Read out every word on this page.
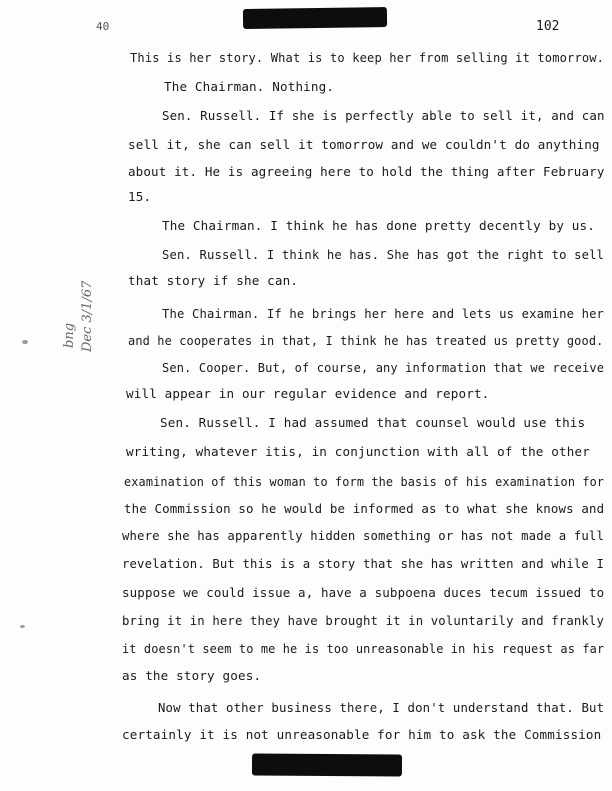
40	102
bng Dec 3/1/67
This is her story. What is to keep her from selling it tomorrow.
The Chairman. Nothing.
Sen. Russell. If she is perfectly able to sell it, and can
sell it, she can sell it tomorrow and we couldn't do anything
about it. He is agreeing here to hold the thing after February
15.
The Chairman. I think he has done pretty decently by us.
Sen. Russell. I think he has. She has got the right to sell
that story if she can.
The Chairman. If he brings her here and lets us examine her
and he cooperates in that, I think he has treated us pretty good.
Sen. Cooper. But, of course, any information that we receive
will appear in our regular evidence and report.
Sen. Russell. I had assumed that counsel would use this
writing, whatever itis, in conjunction with all of the other
examination of this woman to form the basis of his examination for
the Commission so he would be informed as to what she knows and
where she has apparently hidden something or has not made a full
revelation. But this is a story that she has written and while I
suppose we could issue a, have a subpoena duces tecum issued to
bring it in here they have brought it in voluntarily and frankly
it doesn't seem to me he is too unreasonable in his request as far
as the story goes.
Now that other business there, I don't understand that. But
certainly it is not unreasonable for him to ask the Commission
